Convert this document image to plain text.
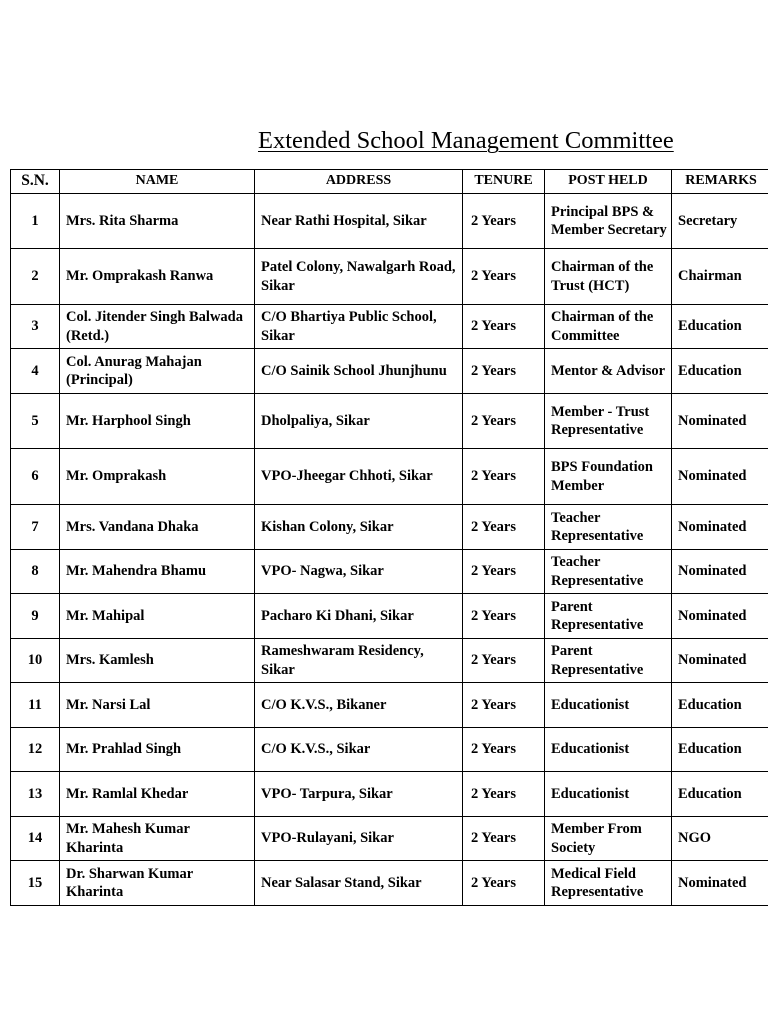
Extended School Management Committee
S.N.	NAME	ADDRESS	TENURE	POST HELD	REMARKS
1	Mrs. Rita Sharma	Near Rathi Hospital, Sikar	2 Years	Principal BPS & Member Secretary	Secretary
2	Mr. Omprakash Ranwa	Patel Colony, Nawalgarh Road, Sikar	2 Years	Chairman of the Trust (HCT)	Chairman
3	Col. Jitender Singh Balwada (Retd.)	C/O Bhartiya Public School, Sikar	2 Years	Chairman of the Committee	Education
4	Col. Anurag Mahajan (Principal)	C/O Sainik School Jhunjhunu	2 Years	Mentor & Advisor	Education
5	Mr. Harphool Singh	Dholpaliya, Sikar	2 Years	Member - Trust Representative	Nominated
6	Mr. Omprakash	VPO-Jheegar Chhoti, Sikar	2 Years	BPS Foundation Member	Nominated
7	Mrs. Vandana Dhaka	Kishan Colony, Sikar	2 Years	Teacher Representative	Nominated
8	Mr. Mahendra Bhamu	VPO- Nagwa, Sikar	2 Years	Teacher Representative	Nominated
9	Mr. Mahipal	Pacharo Ki Dhani, Sikar	2 Years	Parent Representative	Nominated
10	Mrs. Kamlesh	Rameshwaram Residency, Sikar	2 Years	Parent Representative	Nominated
11	Mr. Narsi Lal	C/O K.V.S., Bikaner	2 Years	Educationist	Education
12	Mr. Prahlad Singh	C/O K.V.S., Sikar	2 Years	Educationist	Education
13	Mr. Ramlal Khedar	VPO- Tarpura, Sikar	2 Years	Educationist	Education
14	Mr. Mahesh Kumar Kharinta	VPO-Rulayani, Sikar	2 Years	Member From Society	NGO
15	Dr. Sharwan Kumar Kharinta	Near Salasar Stand, Sikar	2 Years	Medical Field Representative	Nominated
